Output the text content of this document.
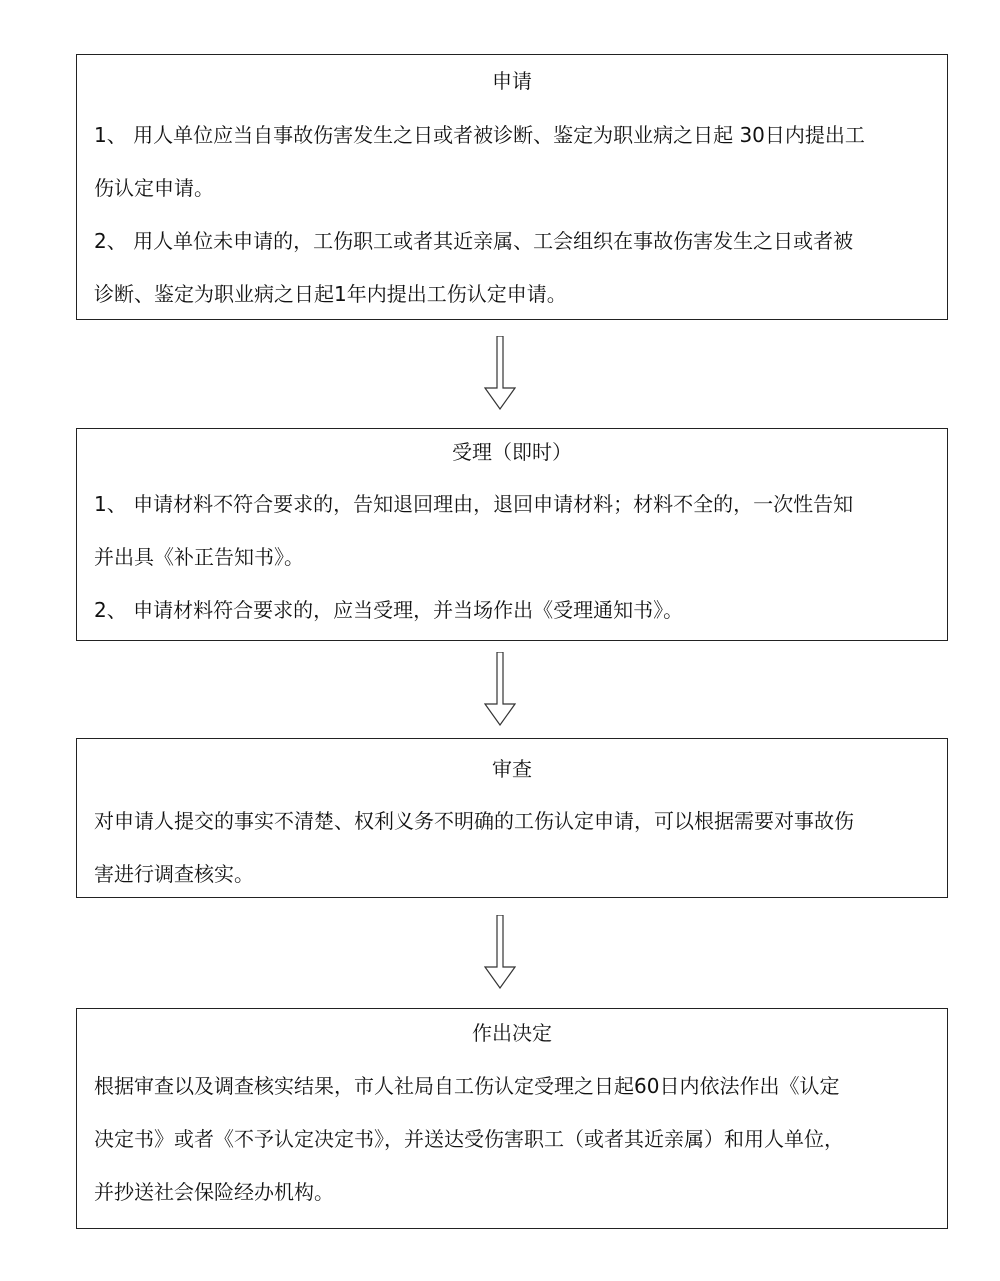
申请
1、 用人单位应当自事故伤害发生之日或者被诊断、鉴定为职业病之日起 30日内提出工
伤认定申请。
2、 用人单位未申请的，工伤职工或者其近亲属、工会组织在事故伤害发生之日或者被
诊断、鉴定为职业病之日起1年内提出工伤认定申请。
受理（即时）
1、 申请材料不符合要求的，告知退回理由，退回申请材料；材料不全的，一次性告知
并出具《补正告知书》。
2、 申请材料符合要求的，应当受理，并当场作出《受理通知书》。
审查
对申请人提交的事实不清楚、权利义务不明确的工伤认定申请，可以根据需要对事故伤
害进行调查核实。
作出决定
根据审查以及调查核实结果，市人社局自工伤认定受理之日起60日内依法作出《认定
决定书》或者《不予认定决定书》，并送达受伤害职工（或者其近亲属）和用人单位，
并抄送社会保险经办机构。
